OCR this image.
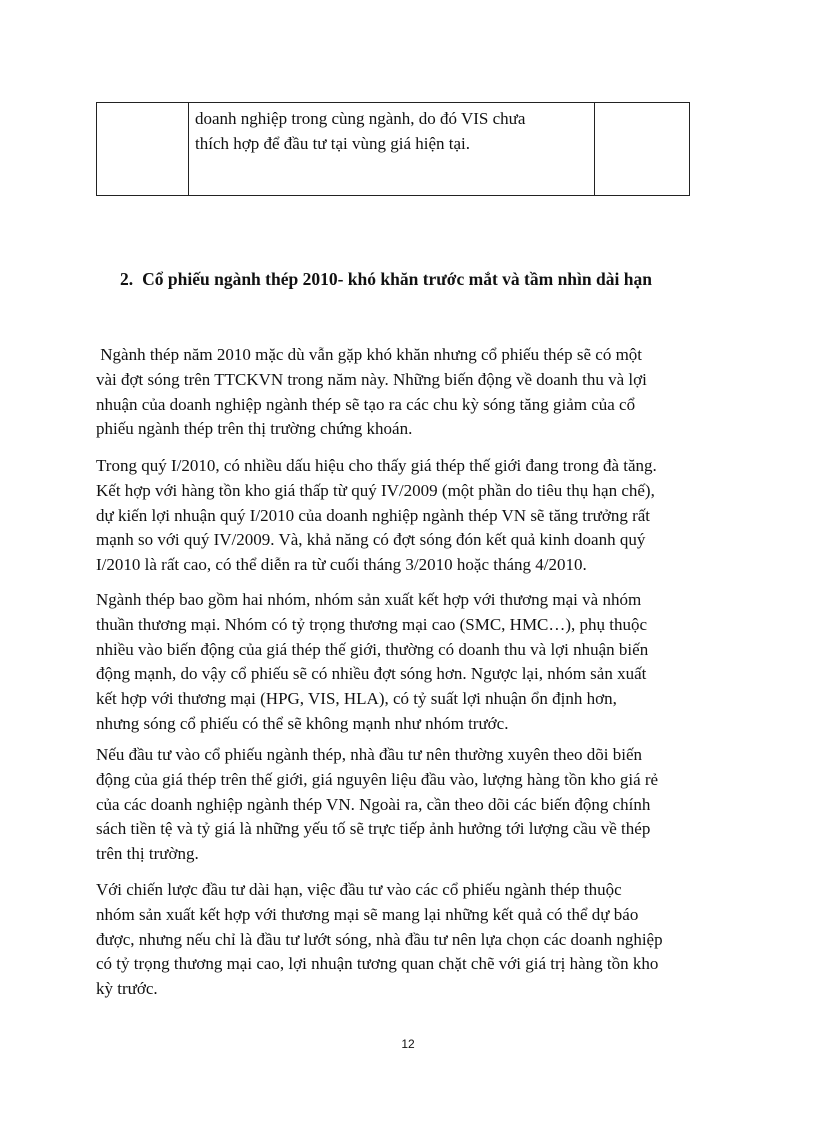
doanh nghiệp trong cùng ngành, do đó VIS chưa
thích hợp để đầu tư tại vùng giá hiện tại.

2. Cổ phiếu ngành thép 2010- khó khăn trước mắt và tầm nhìn dài hạn

Ngành thép năm 2010 mặc dù vẫn gặp khó khăn nhưng cổ phiếu thép sẽ có một
vài đợt sóng trên TTCKVN trong năm này. Những biến động về doanh thu và lợi
nhuận của doanh nghiệp ngành thép sẽ tạo ra các chu kỳ sóng tăng giảm của cổ
phiếu ngành thép trên thị trường chứng khoán.

Trong quý I/2010, có nhiều dấu hiệu cho thấy giá thép thế giới đang trong đà tăng.
Kết hợp với hàng tồn kho giá thấp từ quý IV/2009 (một phần do tiêu thụ hạn chế),
dự kiến lợi nhuận quý I/2010 của doanh nghiệp ngành thép VN sẽ tăng trưởng rất
mạnh so với quý IV/2009. Và, khả năng có đợt sóng đón kết quả kinh doanh quý
I/2010 là rất cao, có thể diễn ra từ cuối tháng 3/2010 hoặc tháng 4/2010.

Ngành thép bao gồm hai nhóm, nhóm sản xuất kết hợp với thương mại và nhóm
thuần thương mại. Nhóm có tỷ trọng thương mại cao (SMC, HMC…), phụ thuộc
nhiều vào biến động của giá thép thế giới, thường có doanh thu và lợi nhuận biến
động mạnh, do vậy cổ phiếu sẽ có nhiều đợt sóng hơn. Ngược lại, nhóm sản xuất
kết hợp với thương mại (HPG, VIS, HLA), có tỷ suất lợi nhuận ổn định hơn,
nhưng sóng cổ phiếu có thể sẽ không mạnh như nhóm trước.

Nếu đầu tư vào cổ phiếu ngành thép, nhà đầu tư nên thường xuyên theo dõi biến
động của giá thép trên thế giới, giá nguyên liệu đầu vào, lượng hàng tồn kho giá rẻ
của các doanh nghiệp ngành thép VN. Ngoài ra, cần theo dõi các biến động chính
sách tiền tệ và tỷ giá là những yếu tố sẽ trực tiếp ảnh hưởng tới lượng cầu về thép
trên thị trường.

Với chiến lược đầu tư dài hạn, việc đầu tư vào các cổ phiếu ngành thép thuộc
nhóm sản xuất kết hợp với thương mại sẽ mang lại những kết quả có thể dự báo
được, nhưng nếu chỉ là đầu tư lướt sóng, nhà đầu tư nên lựa chọn các doanh nghiệp
có tỷ trọng thương mại cao, lợi nhuận tương quan chặt chẽ với giá trị hàng tồn kho
kỳ trước.

12
